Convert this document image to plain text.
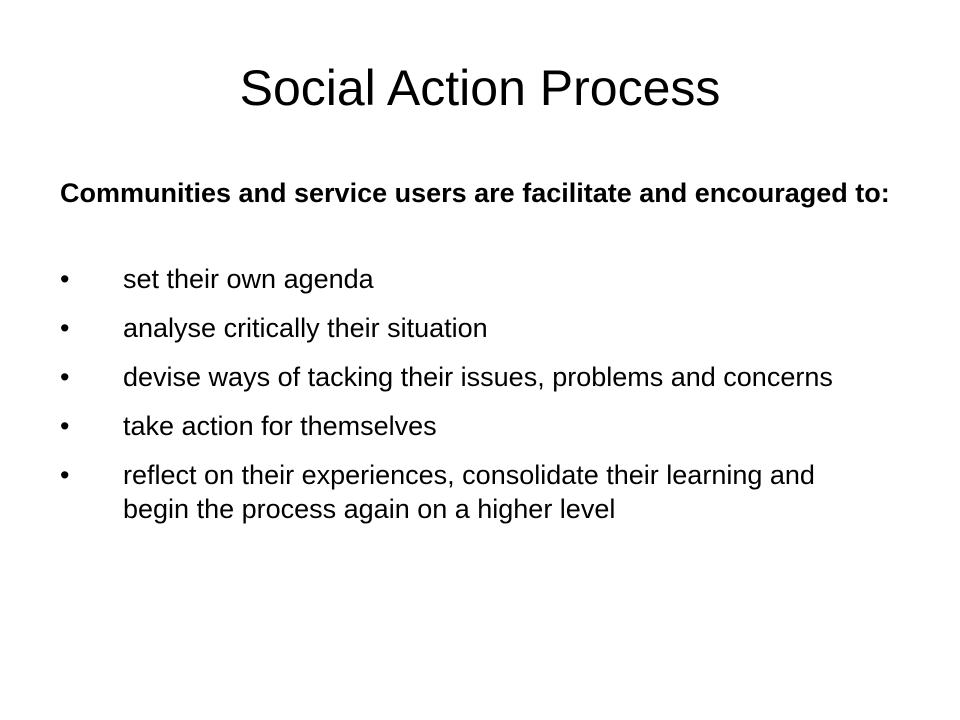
Social Action Process

Communities and service users are facilitate and encouraged to:

•	set their own agenda
•	analyse critically their situation
•	devise ways of tacking their issues, problems and concerns
•	take action for themselves
•	reflect on their experiences, consolidate their learning and begin the process again on a higher level
